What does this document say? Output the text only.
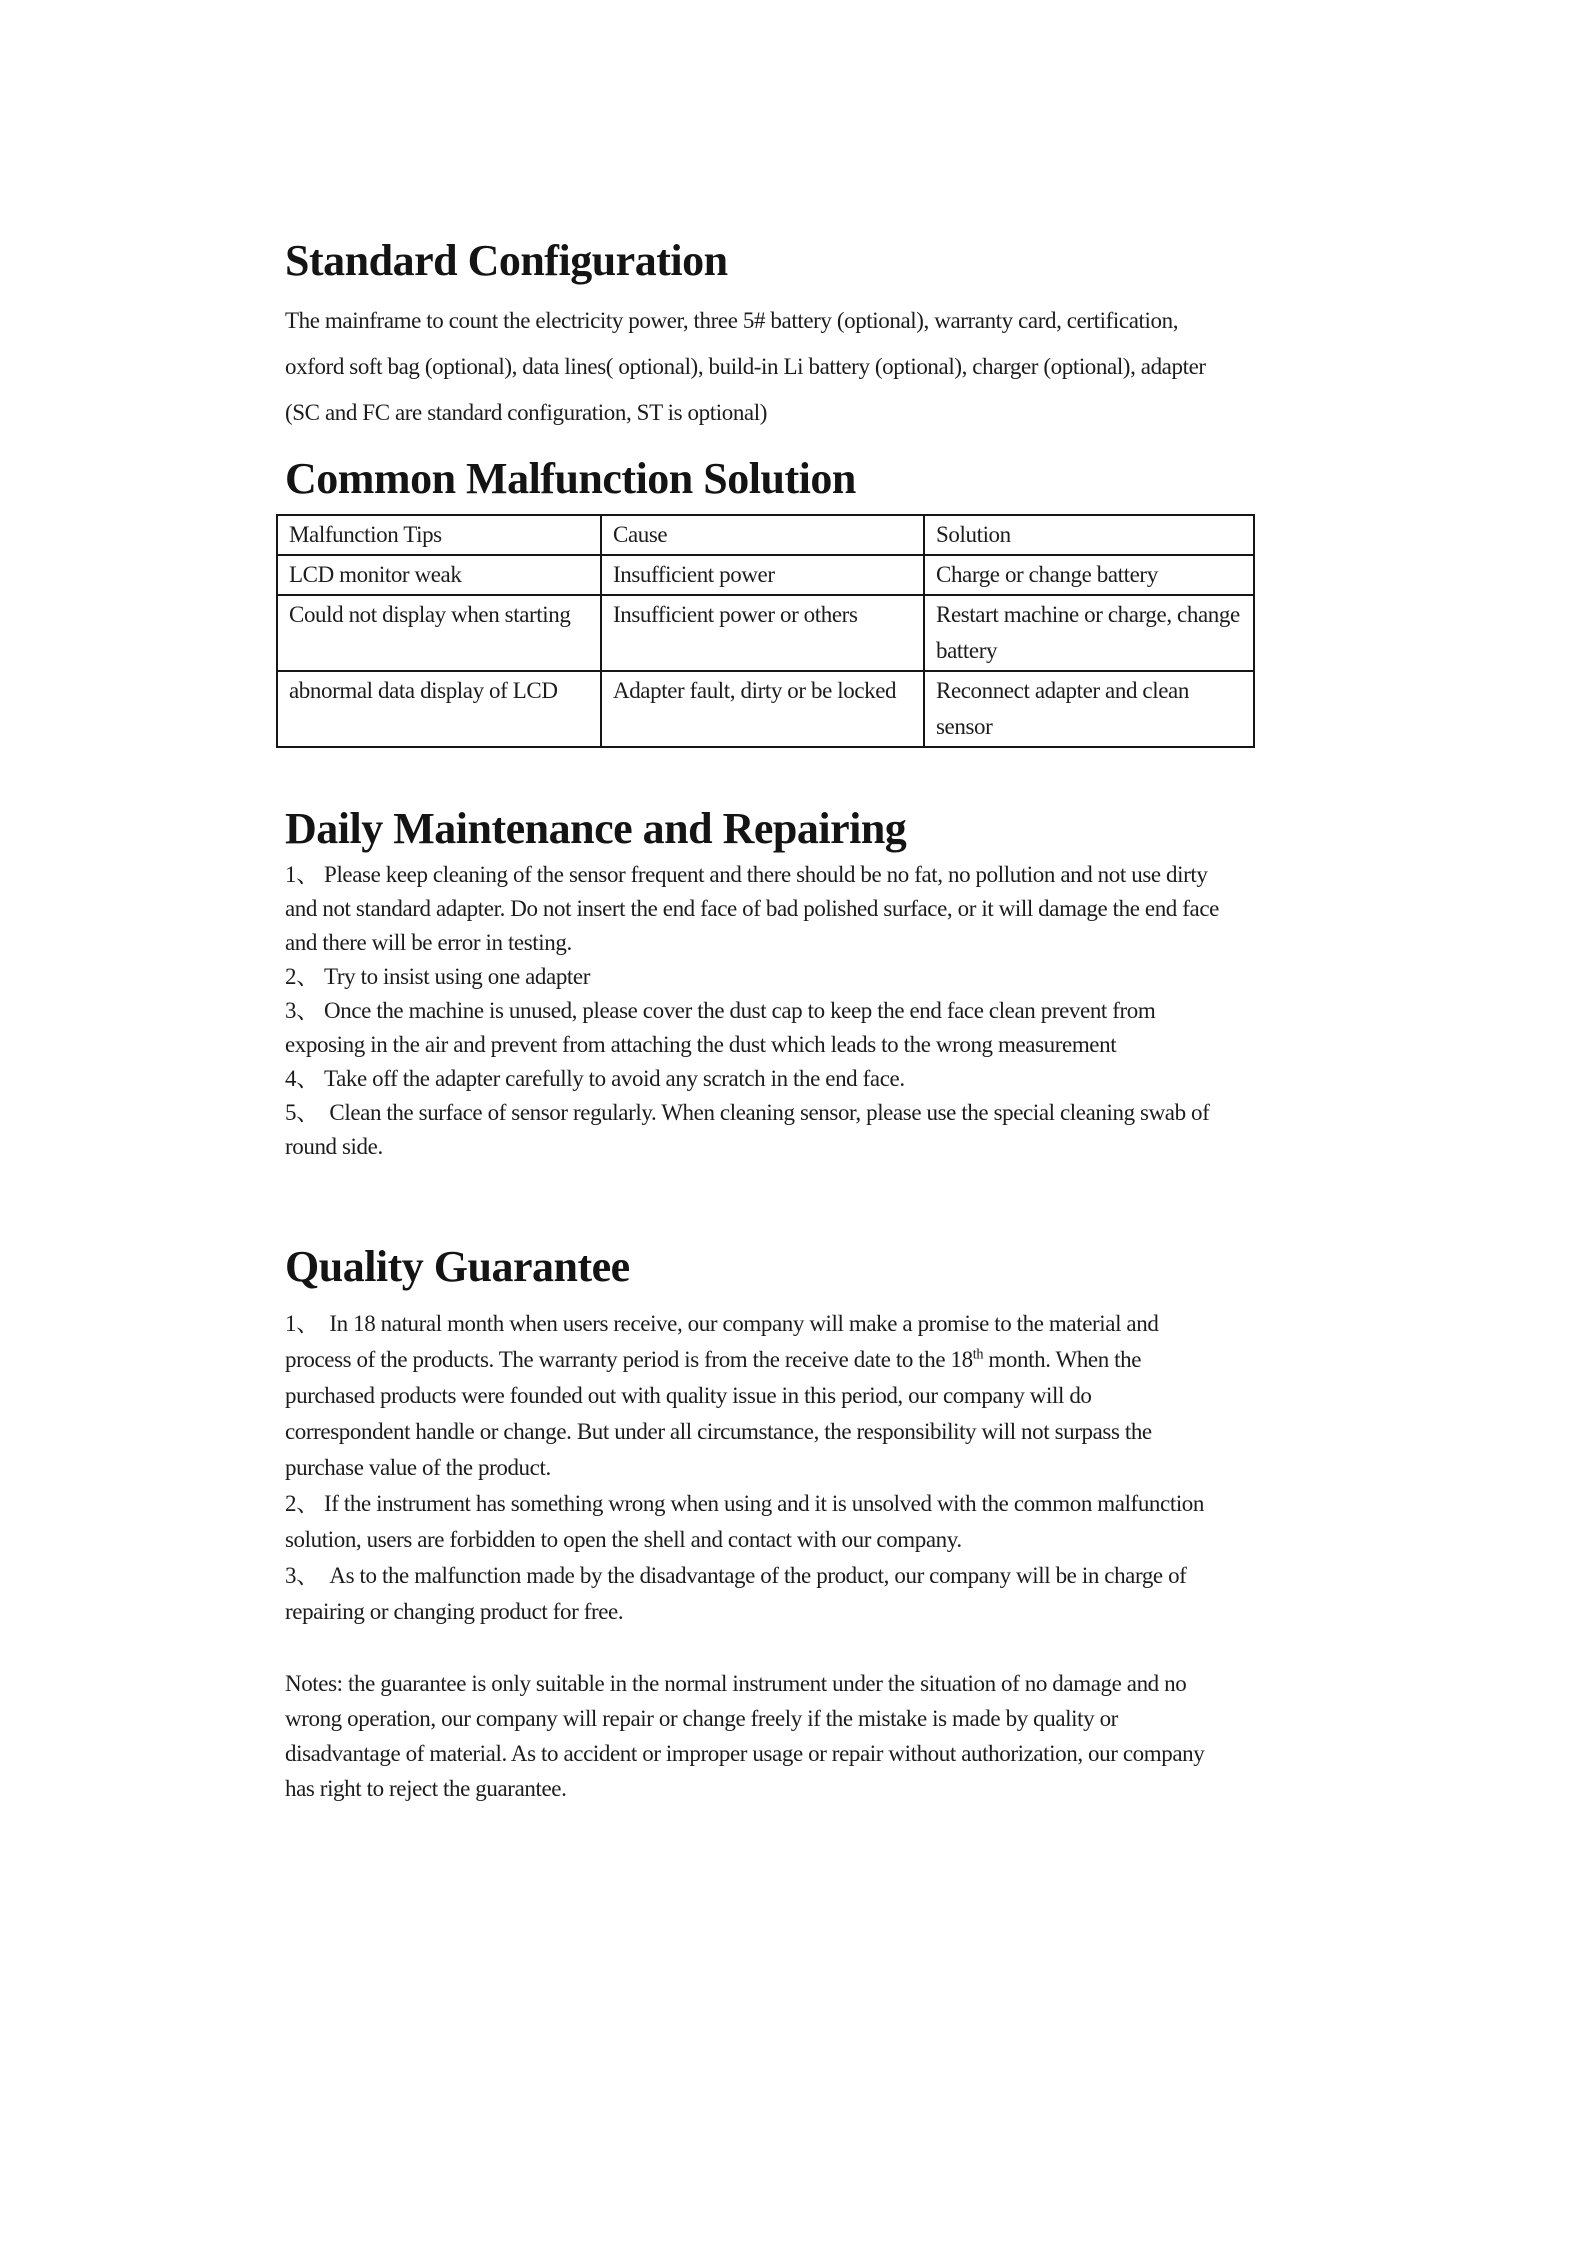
Standard Configuration

The mainframe to count the electricity power, three 5# battery (optional), warranty card, certification, oxford soft bag (optional), data lines( optional), build-in Li battery (optional), charger (optional), adapter (SC and FC are standard configuration, ST is optional)

Common Malfunction Solution
Malfunction Tips	Cause	Solution
LCD monitor weak	Insufficient power	Charge or change battery
Could not display when starting	Insufficient power or others	Restart machine or charge, change battery
abnormal data display of LCD	Adapter fault, dirty or be locked	Reconnect adapter and clean sensor
Daily Maintenance and Repairing

1、 Please keep cleaning of the sensor frequent and there should be no fat, no pollution and not use dirty and not standard adapter. Do not insert the end face of bad polished surface, or it will damage the end face and there will be error in testing.

2、 Try to insist using one adapter

3、 Once the machine is unused, please cover the dust cap to keep the end face clean prevent from exposing in the air and prevent from attaching the dust which leads to the wrong measurement

4、 Take off the adapter carefully to avoid any scratch in the end face.

5、  Clean the surface of sensor regularly. When cleaning sensor, please use the special cleaning swab of round side.

Quality Guarantee

1、  In 18 natural month when users receive, our company will make a promise to the material and process of the products. The warranty period is from the receive date to the 18th month. When the purchased products were founded out with quality issue in this period, our company will do correspondent handle or change. But under all circumstance, the responsibility will not surpass the purchase value of the product.

2、 If the instrument has something wrong when using and it is unsolved with the common malfunction solution, users are forbidden to open the shell and contact with our company.

3、  As to the malfunction made by the disadvantage of the product, our company will be in charge of repairing or changing product for free.

Notes: the guarantee is only suitable in the normal instrument under the situation of no damage and no wrong operation, our company will repair or change freely if the mistake is made by quality or disadvantage of material. As to accident or improper usage or repair without authorization, our company has right to reject the guarantee.
